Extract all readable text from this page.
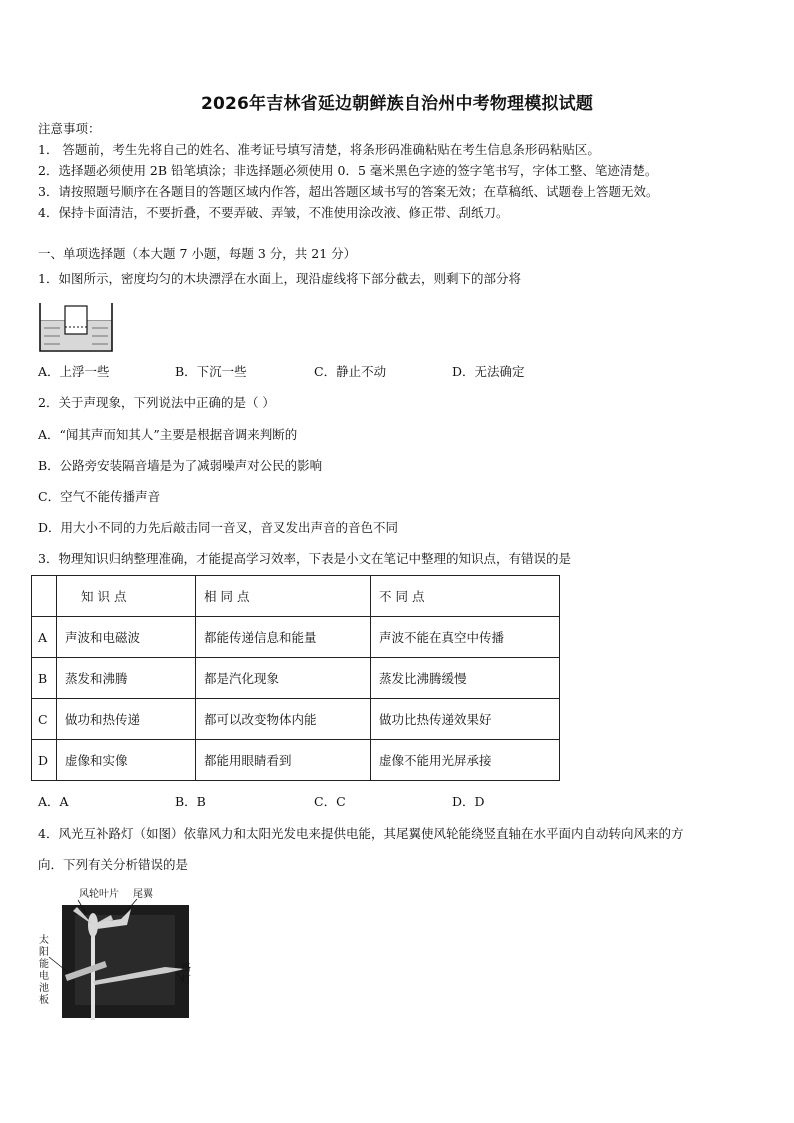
2026年吉林省延边朝鲜族自治州中考物理模拟试题
注意事项：
1． 答题前，考生先将自己的姓名、准考证号填写清楚，将条形码准确粘贴在考生信息条形码粘贴区。
2．选择题必须使用 2B 铅笔填涂；非选择题必须使用 0．5 毫米黑色字迹的签字笔书写，字体工整、笔迹清楚。
3．请按照题号顺序在各题目的答题区域内作答，超出答题区域书写的答案无效；在草稿纸、试题卷上答题无效。
4．保持卡面清洁，不要折叠，不要弄破、弄皱，不准使用涂改液、修正带、刮纸刀。
一、单项选择题（本大题 7 小题，每题 3 分，共 21 分）
1．如图所示，密度均匀的木块漂浮在水面上，现沿虚线将下部分截去，则剩下的部分将
A．上浮一些	B．下沉一些	C．静止不动	D．无法确定
2．关于声现象，下列说法中正确的是（ ）
A．“闻其声而知其人”主要是根据音调来判断的
B．公路旁安装隔音墙是为了减弱噪声对公民的影响
C．空气不能传播声音
D．用大小不同的力先后敲击同一音叉，音叉发出声音的音色不同
3．物理知识归纳整理准确，才能提高学习效率，下表是小文在笔记中整理的知识点，有错误的是
	知 识 点	相 同 点	不 同 点
A	声波和电磁波	都能传递信息和能量	声波不能在真空中传播
B	蒸发和沸腾	都是汽化现象	蒸发比沸腾缓慢
C	做功和热传递	都可以改变物体内能	做功比热传递效果好
D	虚像和实像	都能用眼睛看到	虚像不能用光屏承接
A．A	B．B	C．C	D．D
4．风光互补路灯（如图）依靠风力和太阳光发电来提供电能，其尾翼使风轮能绕竖直轴在水平面内自动转向风来的方
向．下列有关分析错误的是
风轮叶片 尾翼
太
阳
能
电
池
板
路
灯
